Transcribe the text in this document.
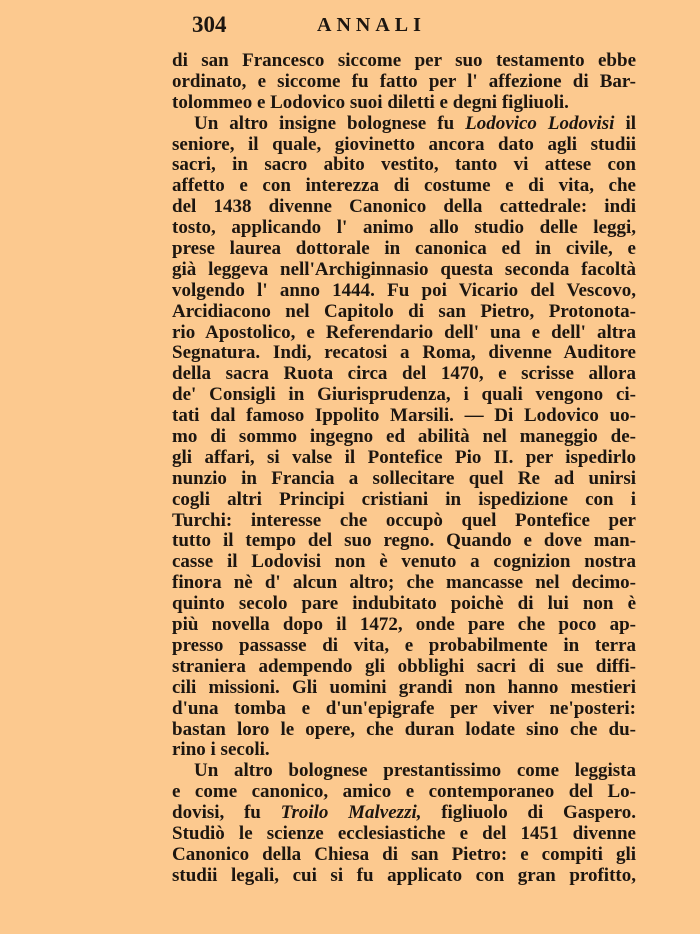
304	ANNALI
di san Francesco siccome per suo testamento ebbe
ordinato, e siccome fu fatto per l' affezione di Bar-
tolommeo e Lodovico suoi diletti e degni figliuoli.
Un altro insigne bolognese fu Lodovico Lodovisi il
seniore, il quale, giovinetto ancora dato agli studii
sacri, in sacro abito vestito, tanto vi attese con
affetto e con interezza di costume e di vita, che
del 1438 divenne Canonico della cattedrale: indi
tosto, applicando l' animo allo studio delle leggi,
prese laurea dottorale in canonica ed in civile, e
già leggeva nell'Archiginnasio questa seconda facoltà
volgendo l' anno 1444. Fu poi Vicario del Vescovo,
Arcidiacono nel Capitolo di san Pietro, Protonota-
rio Apostolico, e Referendario dell' una e dell' altra
Segnatura. Indi, recatosi a Roma, divenne Auditore
della sacra Ruota circa del 1470, e scrisse allora
de' Consigli in Giurisprudenza, i quali vengono ci-
tati dal famoso Ippolito Marsili. — Di Lodovico uo-
mo di sommo ingegno ed abilità nel maneggio de-
gli affari, si valse il Pontefice Pio II. per ispedirlo
nunzio in Francia a sollecitare quel Re ad unirsi
cogli altri Principi cristiani in ispedizione con i
Turchi: interesse che occupò quel Pontefice per
tutto il tempo del suo regno. Quando e dove man-
casse il Lodovisi non è venuto a cognizion nostra
finora nè d' alcun altro; che mancasse nel decimo-
quinto secolo pare indubitato poichè di lui non è
più novella dopo il 1472, onde pare che poco ap-
presso passasse di vita, e probabilmente in terra
straniera adempendo gli obblighi sacri di sue diffi-
cili missioni. Gli uomini grandi non hanno mestieri
d'una tomba e d'un'epigrafe per viver ne'posteri:
bastan loro le opere, che duran lodate sino che du-
rino i secoli.
Un altro bolognese prestantissimo come leggista
e come canonico, amico e contemporaneo del Lo-
dovisi, fu Troilo Malvezzi, figliuolo di Gaspero.
Studiò le scienze ecclesiastiche e del 1451 divenne
Canonico della Chiesa di san Pietro: e compiti gli
studii legali, cui si fu applicato con gran profitto,
